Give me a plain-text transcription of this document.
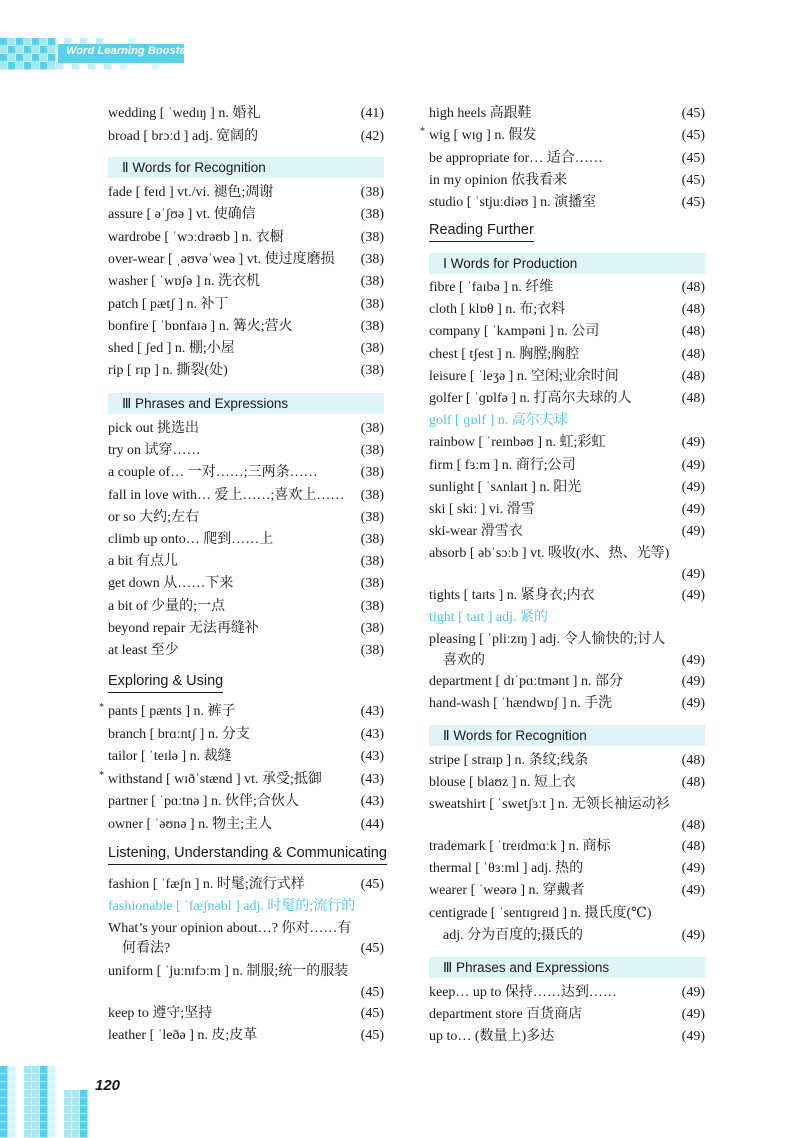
Word Learning Booster
wedding [ ˈwedɪŋ ] n. 婚礼	(41)
broad [ brɔːd ] adj. 宽阔的	(42)
Ⅱ Words for Recognition
fade [ feɪd ] vt./vi. 褪色;凋谢	(38)
assure [ əˈʃʊə ] vt. 使确信	(38)
wardrobe [ ˈwɔːdrəʊb ] n. 衣橱	(38)
over-wear [ ˌəʊvəˈweə ] vt. 使过度磨损 (38)
washer [ ˈwɒʃə ] n. 洗衣机	(38)
patch [ pætʃ ] n. 补丁	(38)
bonfire [ ˈbɒnfaɪə ] n. 篝火;营火	(38)
shed [ ʃed ] n. 棚;小屋	(38)
rip [ rɪp ] n. 撕裂(处)	(38)
Ⅲ Phrases and Expressions
pick out 挑选出	(38)
try on 试穿……	(38)
a couple of… 一对……;三两条……	(38)
fall in love with… 爱上……;喜欢上…… (38)
or so 大约;左右	(38)
climb up onto… 爬到……上	(38)
a bit 有点儿	(38)
get down 从……下来	(38)
a bit of 少量的;一点	(38)
beyond repair 无法再缝补	(38)
at least 至少	(38)
Exploring & Using
* pants [ pænts ] n. 裤子	(43)
branch [ brɑːntʃ ] n. 分支	(43)
tailor [ ˈteɪlə ] n. 裁缝	(43)
* withstand [ wɪðˈstænd ] vt. 承受;抵御	(43)
partner [ ˈpɑːtnə ] n. 伙伴;合伙人	(43)
owner [ ˈəʊnə ] n. 物主;主人	(44)
Listening, Understanding & Communicating
fashion [ ˈfæʃn ] n. 时髦;流行式样	(45)
fashionable [ ˈfæʃnəbl ] adj. 时髦的;流行的
What’s your opinion about…? 你对……有
何看法?	(45)
uniform [ ˈjuːnɪfɔːm ] n. 制服;统一的服装
(45)
keep to 遵守;坚持	(45)
leather [ ˈleðə ] n. 皮;皮革	(45)
high heels 高跟鞋	(45)
* wig [ wɪɡ ] n. 假发	(45)
be appropriate for… 适合……	(45)
in my opinion 依我看来	(45)
studio [ ˈstjuːdiəʊ ] n. 演播室	(45)
Reading Further
Ⅰ Words for Production
fibre [ ˈfaɪbə ] n. 纤维	(48)
cloth [ klɒθ ] n. 布;衣料	(48)
company [ ˈkʌmpəni ] n. 公司	(48)
chest [ tʃest ] n. 胸膛;胸腔	(48)
leisure [ ˈleʒə ] n. 空闲;业余时间	(48)
golfer [ ˈɡɒlfə ] n. 打高尔夫球的人	(48)
golf [ ɡɒlf ] n. 高尔夫球
rainbow [ ˈreɪnbəʊ ] n. 虹;彩虹	(49)
firm [ fɜːm ] n. 商行;公司	(49)
sunlight [ ˈsʌnlaɪt ] n. 阳光	(49)
ski [ skiː ] vi. 滑雪	(49)
ski-wear 滑雪衣	(49)
absorb [ əbˈsɔːb ] vt. 吸收(水、热、光等)
(49)
tights [ taɪts ] n. 紧身衣;内衣	(49)
tight [ taɪt ] adj. 紧的
pleasing [ ˈpliːzɪŋ ] adj. 令人愉快的;讨人
喜欢的	(49)
department [ dɪˈpɑːtmənt ] n. 部分	(49)
hand-wash [ ˈhændwɒʃ ] n. 手洗	(49)
Ⅱ Words for Recognition
stripe [ straɪp ] n. 条纹;线条	(48)
blouse [ blaʊz ] n. 短上衣	(48)
sweatshirt [ ˈswetʃɜːt ] n. 无领长袖运动衫
(48)
trademark [ ˈtreɪdmɑːk ] n. 商标	(48)
thermal [ ˈθɜːml ] adj. 热的	(49)
wearer [ ˈweərə ] n. 穿戴者	(49)
centigrade [ ˈsentɪɡreɪd ] n. 摄氏度(℃)
adj. 分为百度的;摄氏的	(49)
Ⅲ Phrases and Expressions
keep… up to 保持……达到……	(49)
department store 百货商店	(49)
up to… (数量上)多达	(49)
120
